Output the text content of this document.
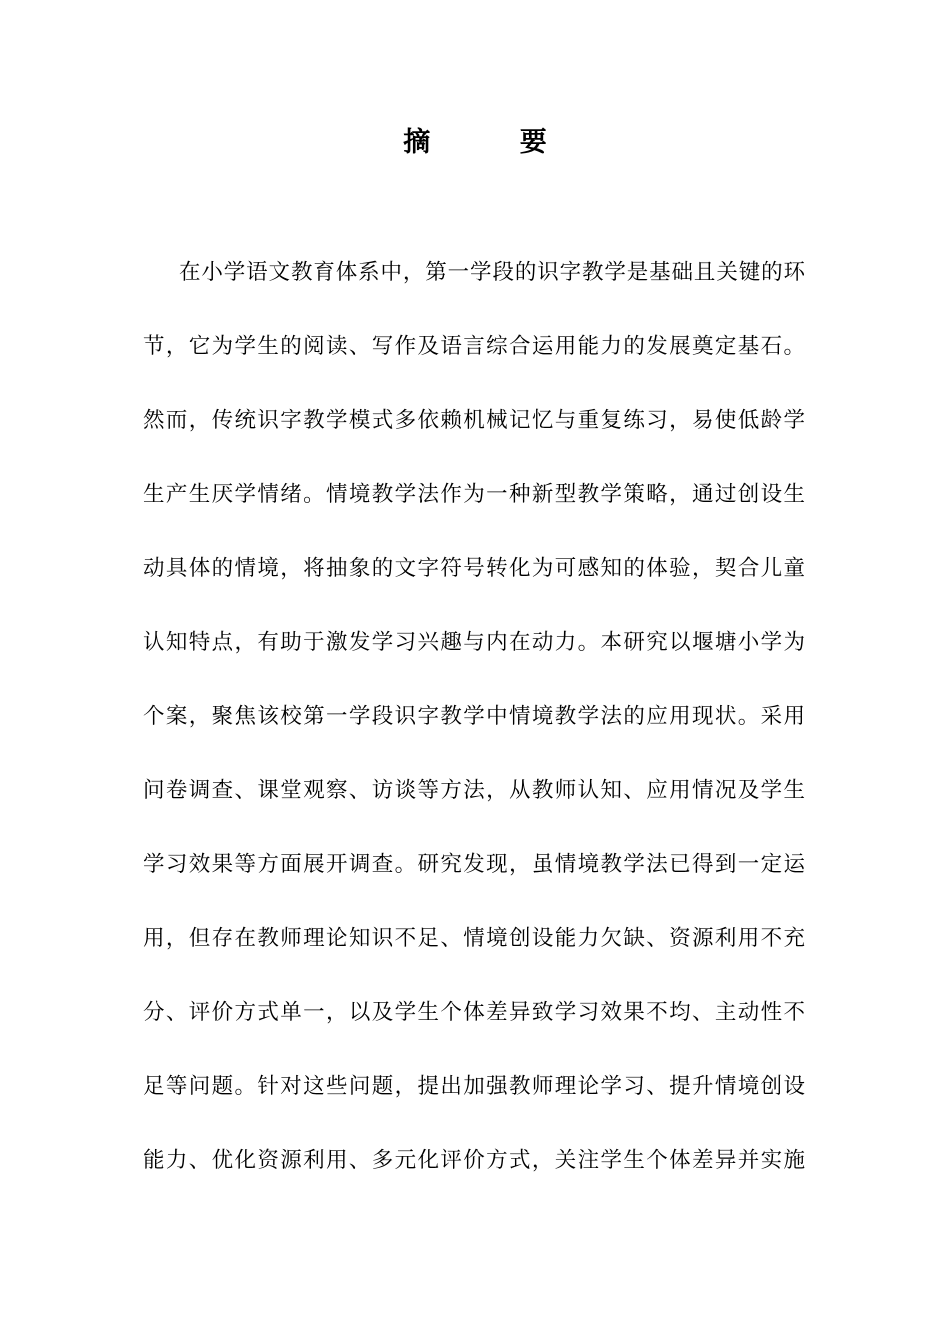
摘 要
在小学语文教育体系中，第一学段的识字教学是基础且关键的环
节，它为学生的阅读、写作及语言综合运用能力的发展奠定基石。
然而，传统识字教学模式多依赖机械记忆与重复练习，易使低龄学
生产生厌学情绪。情境教学法作为一种新型教学策略，通过创设生
动具体的情境，将抽象的文字符号转化为可感知的体验，契合儿童
认知特点，有助于激发学习兴趣与内在动力。本研究以堰塘小学为
个案，聚焦该校第一学段识字教学中情境教学法的应用现状。采用
问卷调查、课堂观察、访谈等方法，从教师认知、应用情况及学生
学习效果等方面展开调查。研究发现，虽情境教学法已得到一定运
用，但存在教师理论知识不足、情境创设能力欠缺、资源利用不充
分、评价方式单一，以及学生个体差异致学习效果不均、主动性不
足等问题。针对这些问题，提出加强教师理论学习、提升情境创设
能力、优化资源利用、多元化评价方式，关注学生个体差异并实施
